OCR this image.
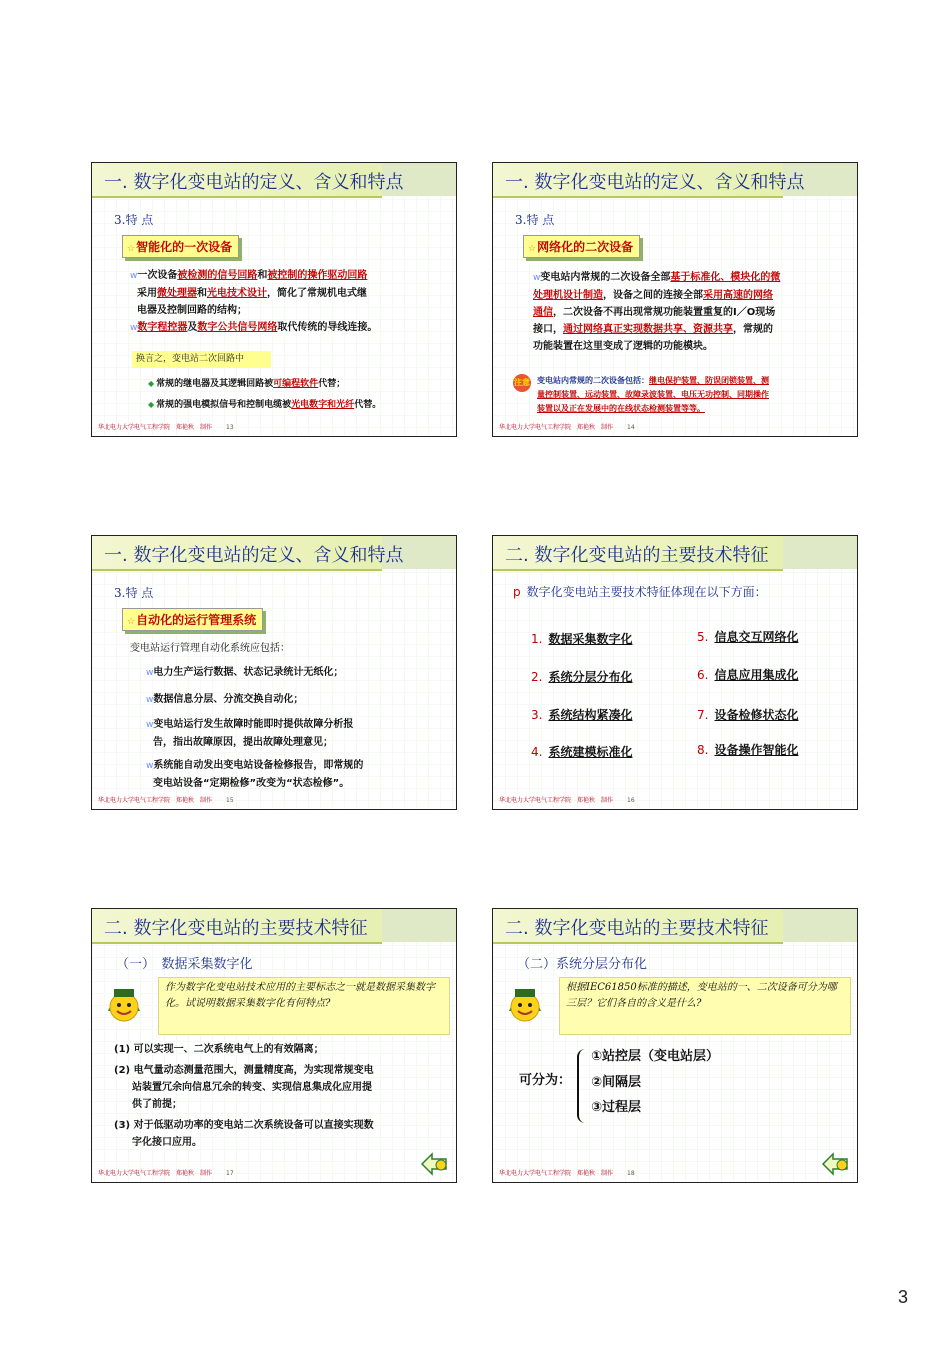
一. 数字化变电站的定义、含义和特点
3.特 点
☆智能化的一次设备
w一次设备被检测的信号回路和被控制的操作驱动回路
采用微处理器和光电技术设计，简化了常规机电式继
电器及控制回路的结构；
w数字程控器及数字公共信号网络取代传统的导线连接。
换言之，变电站二次回路中
◆ 常规的继电器及其逻辑回路被可编程软件代替；
◆ 常规的强电模拟信号和控制电缆被光电数字和光纤代替。
华北电力大学电气工程学院　郑艳秋　制作 13
一. 数字化变电站的定义、含义和特点
3.特 点
☆网络化的二次设备
w变电站内常规的二次设备全部基于标准化、模块化的微
处理机设计制造，设备之间的连接全部采用高速的网络
通信，二次设备不再出现常规功能装置重复的I／O现场
接口，通过网络真正实现数据共享、资源共享，常规的
功能装置在这里变成了逻辑的功能模块。
注意 变电站内常规的二次设备包括：继电保护装置、防误闭锁装置、测
量控制装置、远动装置、故障录波装置、电压无功控制、同期操作
装置以及正在发展中的在线状态检测装置等等。
华北电力大学电气工程学院　郑艳秋　制作 14
一. 数字化变电站的定义、含义和特点
3.特 点
☆自动化的运行管理系统
变电站运行管理自动化系统应包括：
w电力生产运行数据、状态记录统计无纸化；
w数据信息分层、分流交换自动化；
w变电站运行发生故障时能即时提供故障分析报
告，指出故障原因，提出故障处理意见；
w系统能自动发出变电站设备检修报告，即常规的
变电站设备“定期检修”改变为“状态检修”。
华北电力大学电气工程学院　郑艳秋　制作 15
二. 数字化变电站的主要技术特征
p 数字化变电站主要技术特征体现在以下方面：
1. 数据采集数字化
2. 系统分层分布化
3. 系统结构紧凑化
4. 系统建模标准化
5. 信息交互网络化
6. 信息应用集成化
7. 设备检修状态化
8. 设备操作智能化
华北电力大学电气工程学院　郑艳秋　制作 16
二. 数字化变电站的主要技术特征
（一）　数据采集数字化
作为数字化变电站技术应用的主要标志之一就是数据采集数字化。试说明数据采集数字化有何特点?
(1) 可以实现一、二次系统电气上的有效隔离；
(2) 电气量动态测量范围大，测量精度高，为实现常规变电
站装置冗余向信息冗余的转变、实现信息集成化应用提
供了前提；
(3) 对于低驱动功率的变电站二次系统设备可以直接实现数
字化接口应用。
华北电力大学电气工程学院　郑艳秋　制作 17
二. 数字化变电站的主要技术特征
（二）系统分层分布化
根据IEC61850标准的描述，变电站的一、二次设备可分为哪三层？它们各自的含义是什么?
可分为：
①站控层（变电站层）
②间隔层
③过程层
华北电力大学电气工程学院　郑艳秋　制作 18
3
